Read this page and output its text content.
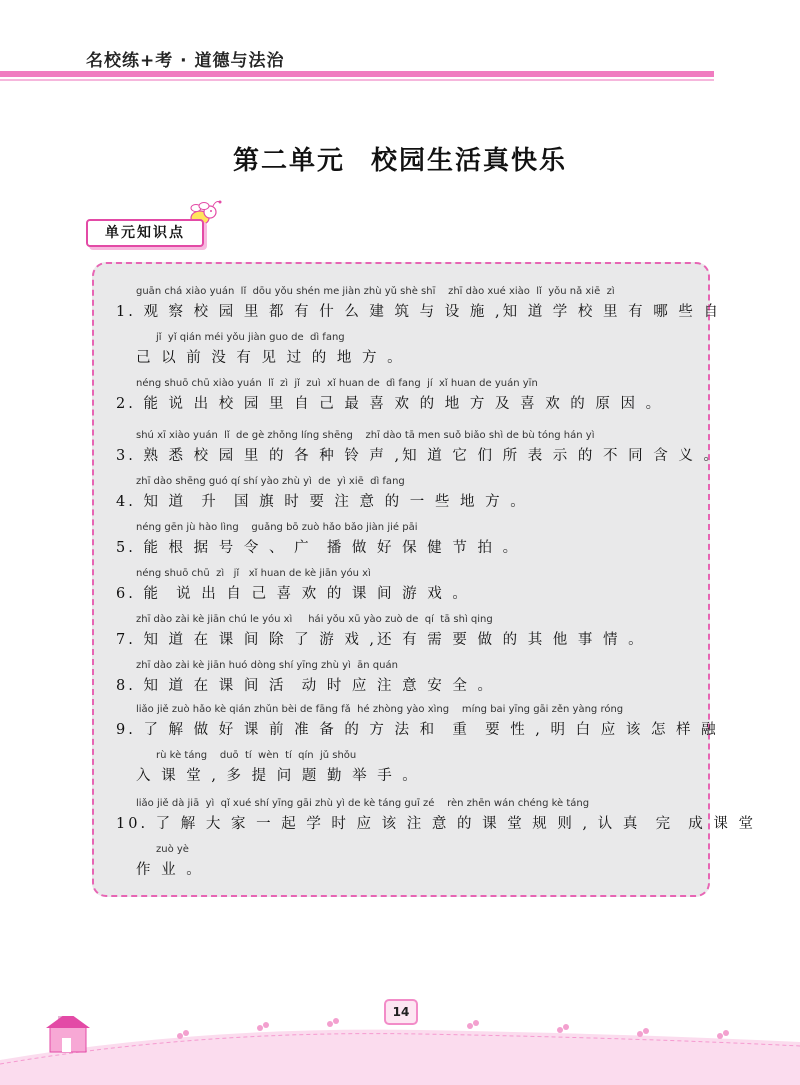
名校练+考 · 道德与法治
第二单元 校园生活真快乐
单元知识点
guān chá xiào yuán  lǐ  dōu yǒu shén me jiàn zhù yǔ shè shī    zhī dào xué xiào  lǐ  yǒu nǎ xiē  zì
1. 观 察 校 园 里 都 有 什 么 建 筑 与 设 施 ,知 道 学 校 里 有 哪 些 自
jǐ  yǐ qián méi yǒu jiàn guo de  dì fang
己 以 前 没 有 见 过 的 地 方 。
néng shuō chū xiào yuán  lǐ  zì  jǐ  zuì  xǐ huan de  dì fang  jí  xǐ huan de yuán yīn
2. 能 说 出 校 园 里 自 己 最 喜 欢 的 地 方 及 喜 欢 的 原 因 。
shú xī xiào yuán  lǐ  de gè zhǒng líng shēng    zhī dào tā men suǒ biǎo shì de bù tóng hán yì
3. 熟 悉 校 园 里 的 各 种 铃 声 ,知 道 它 们 所 表 示 的 不 同 含 义 。
zhī dào shēng guó qí shí yào zhù yì  de  yì xiē  dì fang
4. 知 道  升  国 旗 时 要 注 意 的 一 些 地 方 。
néng gēn jù hào lìng    guǎng bō zuò hǎo bǎo jiàn jié pāi
5. 能 根 据 号 令 、 广  播 做 好 保 健 节 拍 。
néng shuō chū  zì   jǐ   xǐ huan de kè jiān yóu xì
6. 能  说 出 自 己 喜 欢 的 课 间 游 戏 。
zhī dào zài kè jiān chú le yóu xì     hái yǒu xū yào zuò de  qí  tā shì qing
7. 知 道 在 课 间 除 了 游 戏 ,还 有 需 要 做 的 其 他 事 情 。
zhī dào zài kè jiān huó dòng shí yīng zhù yì  ān quán
8. 知 道 在 课 间 活  动 时 应 注 意 安 全 。
liǎo jiě zuò hǎo kè qián zhǔn bèi de fāng fǎ  hé zhòng yào xìng    míng bai yīng gāi zěn yàng róng
9. 了 解 做 好 课 前 准 备 的 方 法 和  重  要 性 , 明 白 应 该 怎 样 融
rù kè táng    duō  tí  wèn  tí  qín  jǔ shǒu
入 课 堂 , 多 提 问 题 勤 举 手 。
liǎo jiě dà jiā  yì  qǐ xué shí yīng gāi zhù yì de kè táng guī zé    rèn zhēn wán chéng kè táng
10. 了 解 大 家 一 起 学 时 应 该 注 意 的 课 堂 规 则 , 认 真  完  成 课 堂
zuò yè
作 业 。
14
